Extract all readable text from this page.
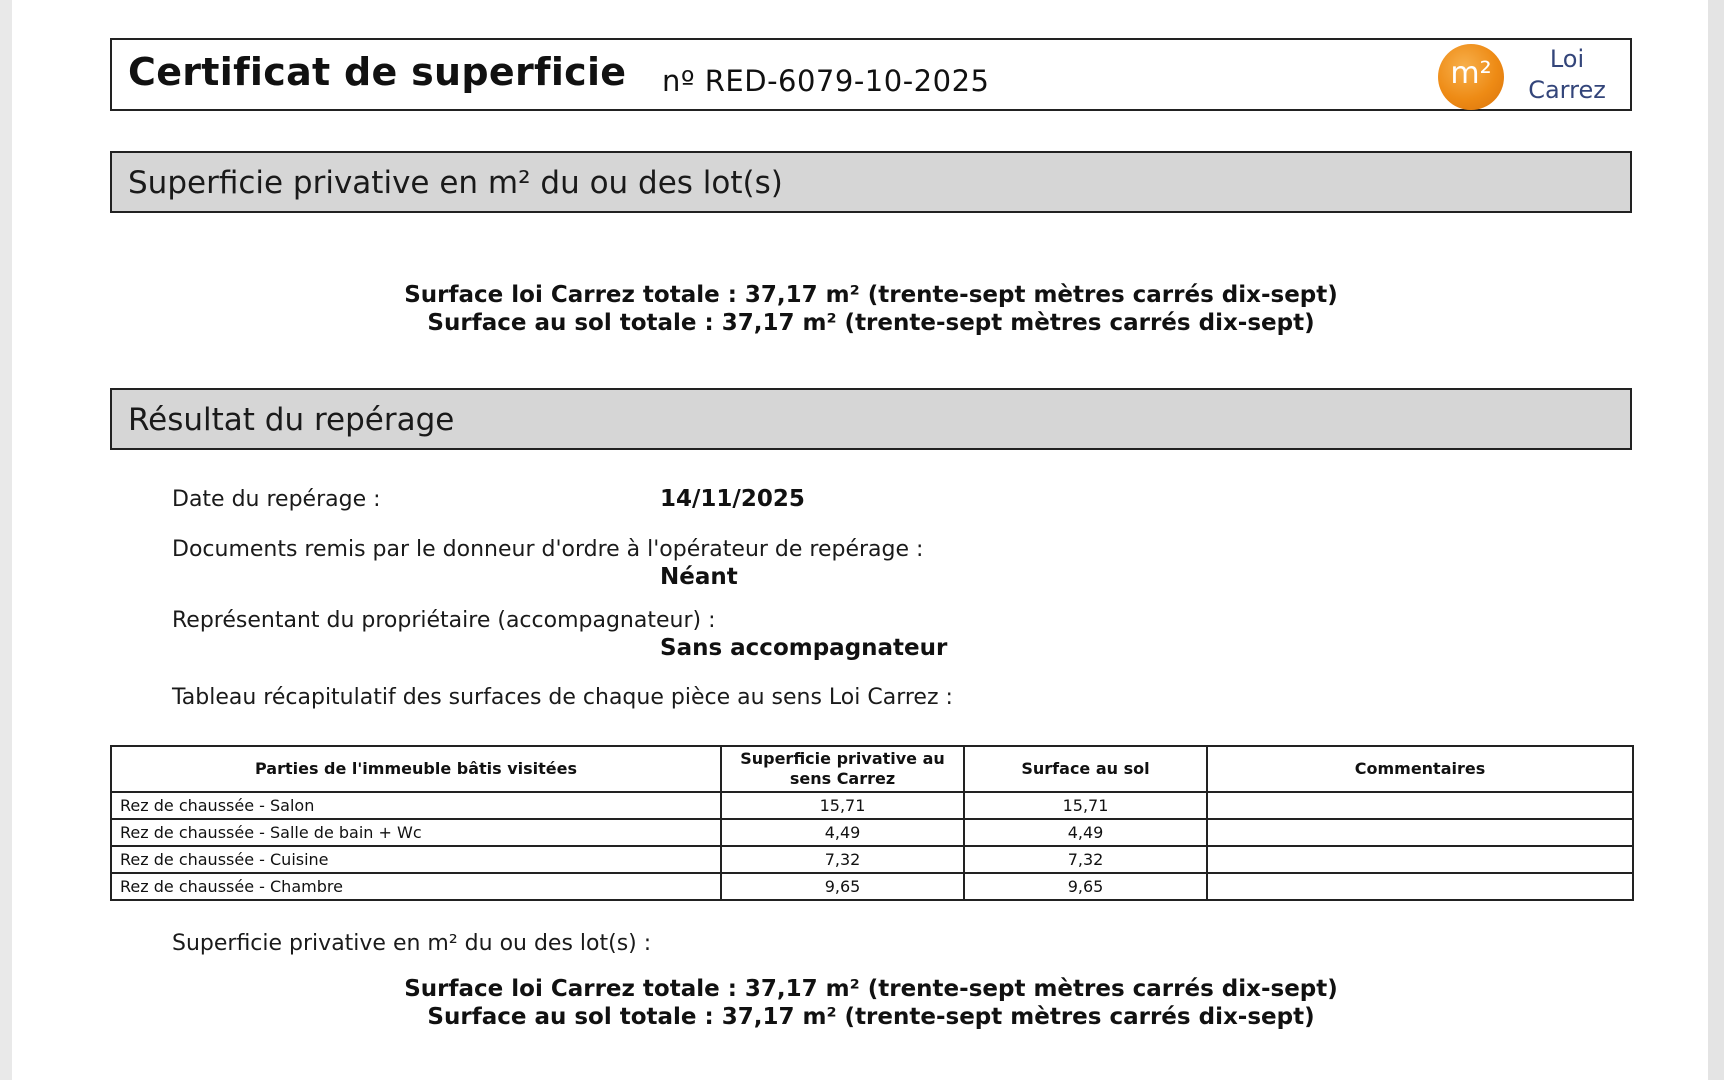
Certificat de superficie nº RED-6079-10-2025	m²	Loi
Carrez
Superficie privative en m² du ou des lot(s)
Surface loi Carrez totale : 37,17 m² (trente-sept mètres carrés dix-sept)
Surface au sol totale : 37,17 m² (trente-sept mètres carrés dix-sept)
Résultat du repérage
Date du repérage :	14/11/2025
Documents remis par le donneur d'ordre à l'opérateur de repérage :
Néant
Représentant du propriétaire (accompagnateur) :
Sans accompagnateur
Tableau récapitulatif des surfaces de chaque pièce au sens Loi Carrez :
Parties de l'immeuble bâtis visitées	Superficie privative au sens Carrez	Surface au sol	Commentaires
Rez de chaussée - Salon	15,71	15,71	
Rez de chaussée - Salle de bain + Wc	4,49	4,49	
Rez de chaussée - Cuisine	7,32	7,32	
Rez de chaussée - Chambre	9,65	9,65	
Superficie privative en m² du ou des lot(s) :
Surface loi Carrez totale : 37,17 m² (trente-sept mètres carrés dix-sept)
Surface au sol totale : 37,17 m² (trente-sept mètres carrés dix-sept)
